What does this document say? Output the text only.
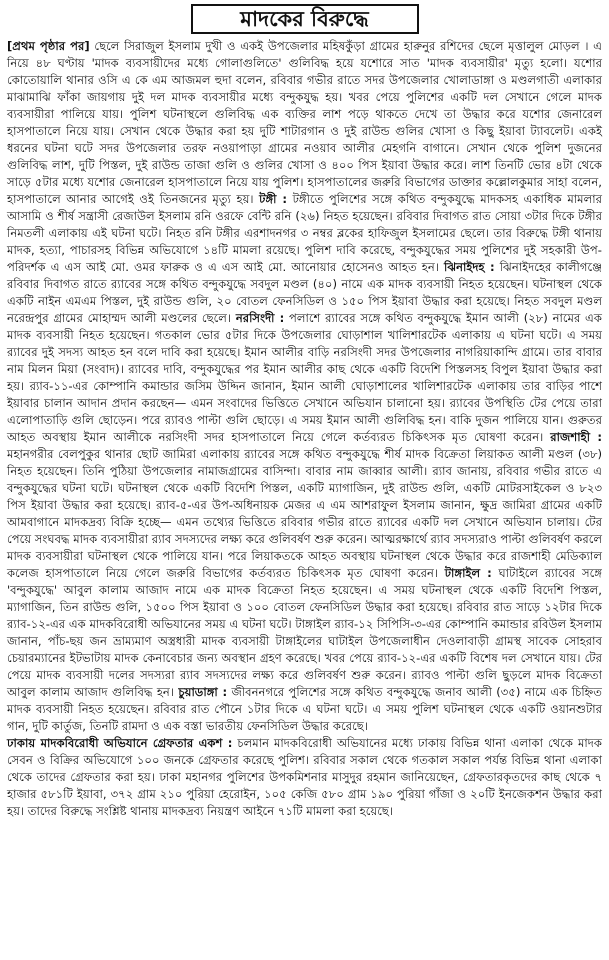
মাদকের বিরুদ্ধে

[প্রথম পৃষ্ঠার পর] ছেলে সিরাজুল ইসলাম দুখী ও একই উপজেলার মহিষকুঁড়া গ্রামের হারুনুর রশিদের ছেলে মৃত্তালুল মোড়ল । এ নিয়ে ৪৮ ঘণ্টায় 'মাদক ব্যবসায়ীদের মধ্যে গোলাগুলিতে' গুলিবিদ্ধ হয়ে যশোরে সাত 'মাদক ব্যবসায়ীর' মৃত্যু হলো। যশোর কোতোয়ালি থানার ওসি এ কে এম আজমল হুদা বলেন, রবিবার গভীর রাতে সদর উপজেলার খোলাডাঙ্গা ও মণ্ডলগাতী এলাকার মাঝামাঝি ফাঁকা জায়গায় দুই দল মাদক ব্যবসায়ীর মধ্যে বন্দুকযুদ্ধ হয়। খবর পেয়ে পুলিশের একটি দল সেখানে গেলে মাদক ব্যবসায়ীরা পালিয়ে যায়। পুলিশ ঘটনাস্থলে গুলিবিদ্ধ এক ব্যক্তির লাশ পড়ে থাকতে দেখে তা উদ্ধার করে যশোর জেনারেল হাসপাতালে নিয়ে যায়। সেখান থেকে উদ্ধার করা হয় দুটি শাটারগান ও দুই রাউন্ড গুলির খোসা ও কিছু ইয়াবা ট্যাবলেট। একই ধরনের ঘটনা ঘটে সদর উপজেলার তরফ নওয়াপাড়া গ্রামের নওয়াব আলীর মেহগনি বাগানে। সেখান থেকে পুলিশ দুজনের গুলিবিদ্ধ লাশ, দুটি পিস্তল, দুই রাউন্ড তাজা গুলি ও গুলির খোসা ও ৪০০ পিস ইয়াবা উদ্ধার করে। লাশ তিনটি ভোর ৪টা থেকে সাড়ে ৫টার মধ্যে যশোর জেনারেল হাসপাতালে নিয়ে যায় পুলিশ। হাসপাতালের জরুরি বিভাগের ডাক্তার কল্লোলকুমার সাহা বলেন, হাসপাতালে আনার আগেই ওই তিনজনের মৃত্যু হয়। টঙ্গী : টঙ্গীতে পুলিশের সঙ্গে কথিত বন্দুকযুদ্ধে মাদকসহ একাধিক মামলার আসামি ও শীর্ষ সন্ত্রাসী রেজাউল ইসলাম রনি ওরফে বেন্টি রনি (২৬) নিহত হয়েছেন। রবিবার দিবাগত রাত সোয়া ৩টার দিকে টঙ্গীর নিমতলী এলাকায় এই ঘটনা ঘটে। নিহত রনি টঙ্গীর এরশাদনগর ৩ নম্বর ব্লকের হাফিজুল ইসলামের ছেলে। তার বিরুদ্ধে টঙ্গী থানায় মাদক, হত্যা, পাচারসহ বিভিন্ন অভিযোগে ১৪টি মামলা রয়েছে। পুলিশ দাবি করেছে, বন্দুকযুদ্ধের সময় পুলিশের দুই সহকারী উপ-পরিদর্শক এ এস আই মো. ওমর ফারুক ও এ এস আই মো. আনোয়ার হোসেনও আহত হন। ঝিনাইদহ : ঝিনাইদহের কালীগঞ্জে রবিবার দিবাগত রাতে র‌্যাবের সঙ্গে কথিত বন্দুকযুদ্ধে সবদুল মণ্ডল (৪০) নামে এক মাদক ব্যবসায়ী নিহত হয়েছেন। ঘটনাস্থল থেকে একটি নাইন এমএম পিস্তল, দুই রাউন্ড গুলি, ২০ বোতল ফেনসিডিল ও ১৫০ পিস ইয়াবা উদ্ধার করা হয়েছে। নিহত সবদুল মণ্ডল নরেন্দ্রপুর গ্রামের মোহাম্মদ আলী মণ্ডলের ছেলে। নরসিংদী : পলাশে র‌্যাবের সঙ্গে কথিত বন্দুকযুদ্ধে ইমান আলী (২৮) নামের এক মাদক ব্যবসায়ী নিহত হয়েছেন। গতকাল ভোর ৫টার দিকে উপজেলার ঘোড়াশাল খালিশারটেক এলাকায় এ ঘটনা ঘটে। এ সময় র‌্যাবের দুই সদস্য আহত হন বলে দাবি করা হয়েছে। ইমান আলীর বাড়ি নরসিংদী সদর উপজেলার নাগরিয়াকান্দি গ্রামে। তার বাবার নাম মিলন মিয়া (সংবাদ)। র‌্যাবের দাবি, বন্দুকযুদ্ধের পর ইমান আলীর কাছ থেকে একটি বিদেশি পিস্তলসহ বিপুল ইয়াবা উদ্ধার করা হয়। র‌্যাব-১১-এর কোম্পানি কমান্ডার জসিম উদ্দিন জানান, ইমান আলী ঘোড়াশালের খালিশারটেক এলাকায় তার বাড়ির পাশে ইয়াবার চালান আদান প্রদান করছেন— এমন সংবাদের ভিত্তিতে সেখানে অভিযান চালানো হয়। র‌্যাবের উপস্থিতি টের পেয়ে তারা এলোপাতাড়ি গুলি ছোড়েন। পরে র‌্যাবও পাল্টা গুলি ছোড়ে। এ সময় ইমান আলী গুলিবিদ্ধ হন। বাকি দুজন পালিয়ে যান। গুরুতর আহত অবস্থায় ইমান আলীকে নরসিংদী সদর হাসপাতালে নিয়ে গেলে কর্তব্যরত চিকিৎসক মৃত ঘোষণা করেন। রাজশাহী : মহানগরীর বেলপুকুর থানার ছোট জামিরা এলাকায় র‌্যাবের সঙ্গে কথিত বন্দুকযুদ্ধে শীর্ষ মাদক বিক্রেতা লিয়াকত আলী মণ্ডল (৩৮) নিহত হয়েছেন। তিনি পুঠিয়া উপজেলার নামাজগ্রামের বাসিন্দা। বাবার নাম জাব্বার আলী। র‌্যাব জানায়, রবিবার গভীর রাতে এ বন্দুকযুদ্ধের ঘটনা ঘটে। ঘটনাস্থল থেকে একটি বিদেশি পিস্তল, একটি ম্যাগাজিন, দুই রাউন্ড গুলি, একটি মোটরসাইকেল ও ৮২৩ পিস ইয়াবা উদ্ধার করা হয়েছে। র‌্যাব-৫-এর উপ-অধিনায়ক মেজর এ এম আশরাফুল ইসলাম জানান, ক্ষুদ্র জামিরা গ্রামের একটি আমবাগানে মাদকদ্রব্য বিক্রি হচ্ছে— এমন তথ্যের ভিত্তিতে রবিবার গভীর রাতে র‌্যাবের একটি দল সেখানে অভিযান চালায়। টের পেয়ে সংঘবদ্ধ মাদক ব্যবসায়ীরা র‌্যাব সদস্যদের লক্ষ্য করে গুলিবর্ষণ শুরু করেন। আত্মরক্ষার্থে র‌্যাব সদস্যরাও পাল্টা গুলিবর্ষণ করলে মাদক ব্যবসায়ীরা ঘটনাস্থল থেকে পালিয়ে যান। পরে লিয়াকতকে আহত অবস্থায় ঘটনাস্থল থেকে উদ্ধার করে রাজশাহী মেডিক্যাল কলেজ হাসপাতালে নিয়ে গেলে জরুরি বিভাগের কর্তব্যরত চিকিৎসক মৃত ঘোষণা করেন। টাঙ্গাইল : ঘাটাইলে র‌্যাবের সঙ্গে 'বন্দুকযুদ্ধে' আবুল কালাম আজাদ নামে এক মাদক বিক্রেতা নিহত হয়েছেন। এ সময় ঘটনাস্থল থেকে একটি বিদেশি পিস্তল, ম্যাগাজিন, তিন রাউন্ড গুলি, ১৫০০ পিস ইয়াবা ও ১০০ বোতল ফেনসিডিল উদ্ধার করা হয়েছে। রবিবার রাত সাড়ে ১২টার দিকে র‌্যাব-১২-এর এক মাদকবিরোধী অভিযানের সময় এ ঘটনা ঘটে। টাঙ্গাইল র‌্যাব-১২ সিপিসি-৩-এর কোম্পানি কমান্ডার রবিউল ইসলাম জানান, পাঁচ-ছয় জন ভ্রাম্যমাণ অস্ত্রধারী মাদক ব্যবসায়ী টাঙ্গাইলের ঘাটাইল উপজেলাধীন দেওলাবাড়ী গ্রামস্থ সাবেক সোহরাব চেয়ারম্যানের ইটভাটায় মাদক কেনাবেচার জন্য অবস্থান গ্রহণ করেছে। খবর পেয়ে র‌্যাব-১২-এর একটি বিশেষ দল সেখানে যায়। টের পেয়ে মাদক ব্যবসায়ী দলের সদস্যরা র‌্যাব সদস্যদের লক্ষ্য করে গুলিবর্ষণ শুরু করেন। র‌্যাবও পাল্টা গুলি ছুড়লে মাদক বিক্রেতা আবুল কালাম আজাদ গুলিবিদ্ধ হন। চুয়াডাঙ্গা : জীবননগরে পুলিশের সঙ্গে কথিত বন্দুকযুদ্ধে জনাব আলী (৩৫) নামে এক চিহ্নিত মাদক ব্যবসায়ী নিহত হয়েছেন। রবিবার রাত পৌনে ১টার দিকে এ ঘটনা ঘটে। এ সময় পুলিশ ঘটনাস্থল থেকে একটি ওয়ানশুটার গান, দুটি কার্তুজ, তিনটি রামদা ও এক বস্তা ভারতীয় ফেনসিডিল উদ্ধার করেছে।

ঢাকায় মাদকবিরোধী অভিযানে গ্রেফতার একশ : চলমান মাদকবিরোধী অভিযানের মধ্যে ঢাকায় বিভিন্ন থানা এলাকা থেকে মাদক সেবন ও বিক্রির অভিযোগে ১০০ জনকে গ্রেফতার করেছে পুলিশ। রবিবার সকাল থেকে গতকাল সকাল পর্যন্ত বিভিন্ন থানা এলাকা থেকে তাদের গ্রেফতার করা হয়। ঢাকা মহানগর পুলিশের উপকমিশনার মাসুদুর রহমান জানিয়েছেন, গ্রেফতারকৃতদের কাছ থেকে ৭ হাজার ৫৮১টি ইয়াবা, ৩৭২ গ্রাম ২১০ পুরিয়া হেরোইন, ১০৫ কেজি ৫৮০ গ্রাম ১৯০ পুরিয়া গাঁজা ও ২০টি ইনজেকশন উদ্ধার করা হয়। তাদের বিরুদ্ধে সংশ্লিষ্ট থানায় মাদকদ্রব্য নিয়ন্ত্রণ আইনে ৭১টি মামলা করা হয়েছে।
